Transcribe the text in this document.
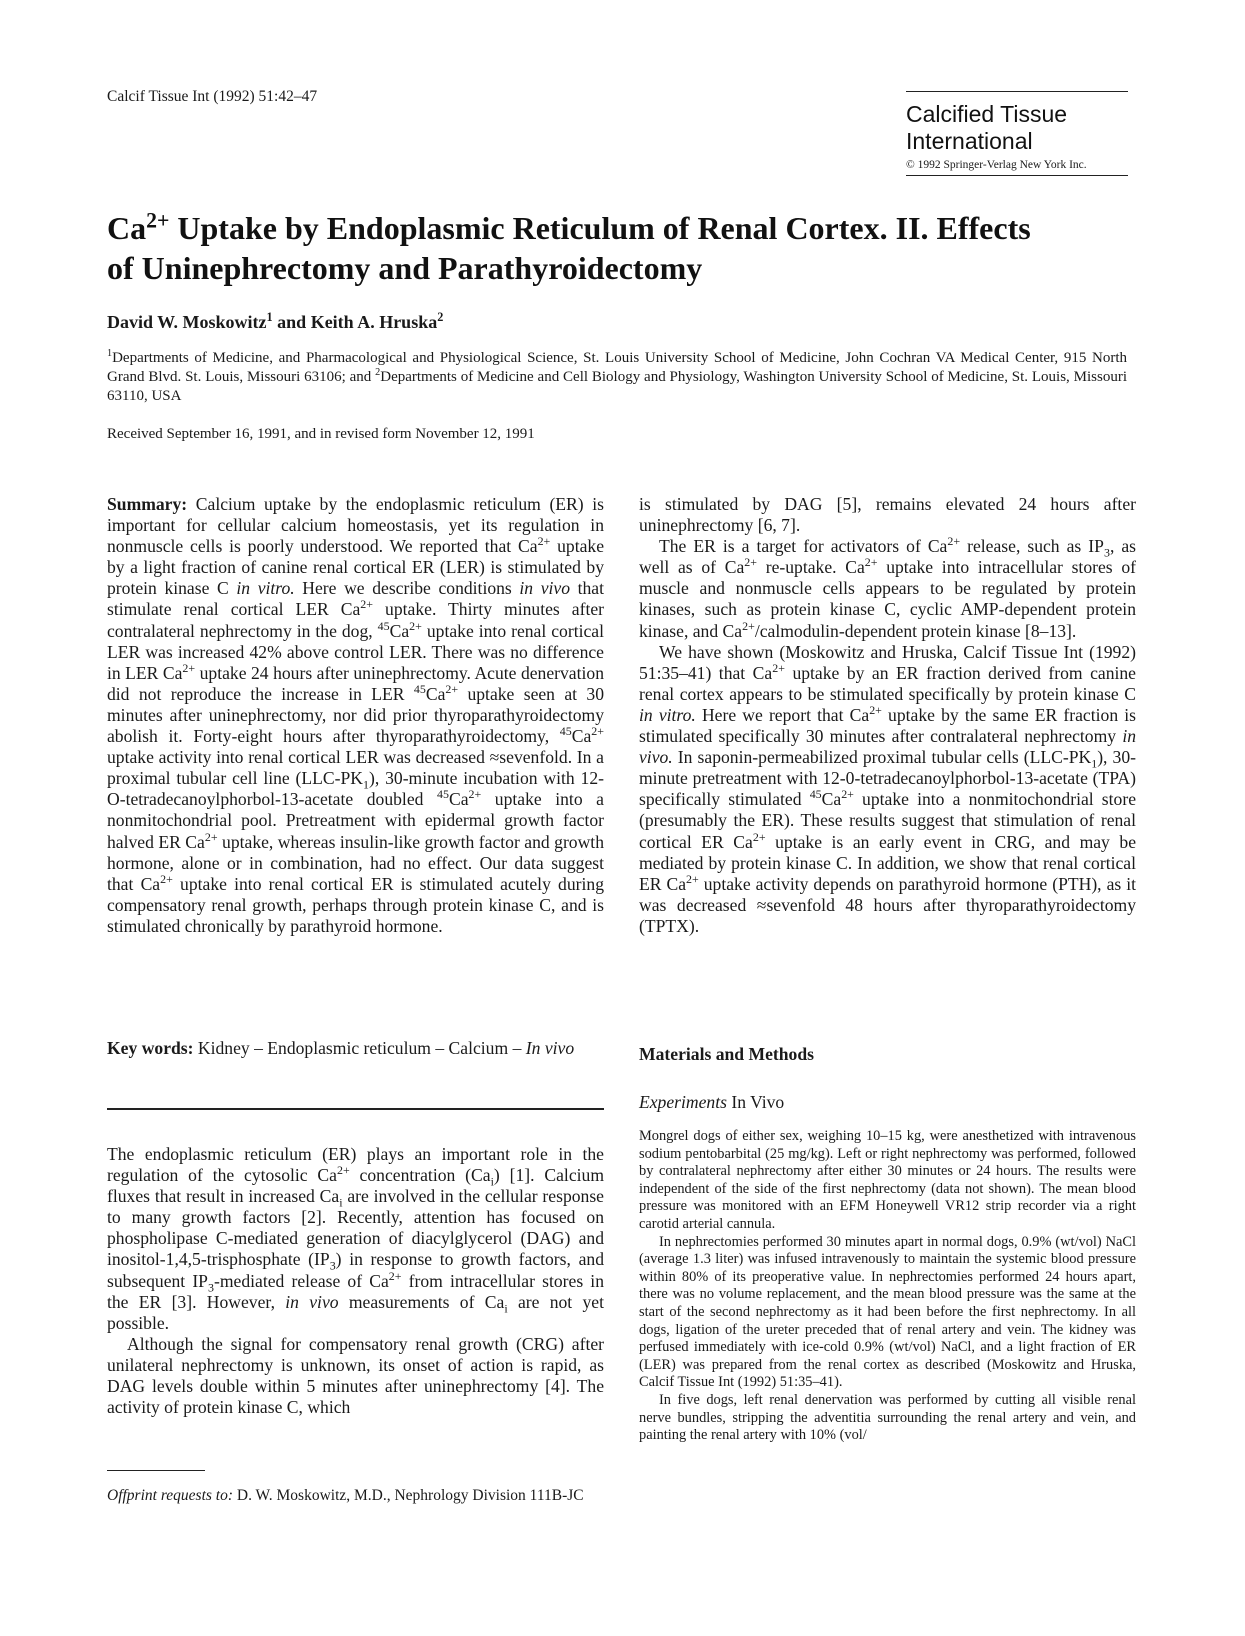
Calcif Tissue Int (1992) 51:42–47
Calcified Tissue
International
© 1992 Springer-Verlag New York Inc.
$Ca^{2+}$ Uptake by Endoplasmic Reticulum of Renal Cortex. II. Effects
of Uninephrectomy and Parathyroidectomy
David W. Moskowitz$^1$ and Keith A. Hruska$^2$
$^1$Departments of Medicine, and Pharmacological and Physiological Science, St. Louis University School of Medicine, John Cochran VA Medical Center, 915 North Grand Blvd. St. Louis, Missouri 63106; and $^2$Departments of Medicine and Cell Biology and Physiology, Washington University School of Medicine, St. Louis, Missouri 63110, USA
Received September 16, 1991, and in revised form November 12, 1991

Summary: Calcium uptake by the endoplasmic reticulum (ER) is important for cellular calcium homeostasis, yet its regulation in nonmuscle cells is poorly understood. We reported that $Ca^{2+}$ uptake by a light fraction of canine renal cortical ER (LER) is stimulated by protein kinase C in vitro. Here we describe conditions in vivo that stimulate renal cortical LER $Ca^{2+}$ uptake. Thirty minutes after contralateral nephrectomy in the dog, $^{45}Ca^{2+}$ uptake into renal cortical LER was increased 42% above control LER. There was no difference in LER $Ca^{2+}$ uptake 24 hours after uninephrectomy. Acute denervation did not reproduce the increase in LER $^{45}Ca^{2+}$ uptake seen at 30 minutes after uninephrectomy, nor did prior thyroparathyroidectomy abolish it. Forty-eight hours after thyroparathyroidectomy, $^{45}Ca^{2+}$ uptake activity into renal cortical LER was decreased ≈sevenfold. In a proximal tubular cell line $(LLC-PK_1)$, 30-minute incubation with 12-O-tetradecanoylphorbol-13-acetate doubled $^{45}Ca^{2+}$ uptake into a nonmitochondrial pool. Pretreatment with epidermal growth factor halved ER $Ca^{2+}$ uptake, whereas insulin-like growth factor and growth hormone, alone or in combination, had no effect. Our data suggest that $Ca^{2+}$ uptake into renal cortical ER is stimulated acutely during compensatory renal growth, perhaps through protein kinase C, and is stimulated chronically by parathyroid hormone.

Key words: Kidney – Endoplasmic reticulum – Calcium – In vivo

The endoplasmic reticulum (ER) plays an important role in the regulation of the cytosolic $Ca^{2+}$ concentration $(Ca_i)$ [1]. Calcium fluxes that result in increased $Ca_i$ are involved in the cellular response to many growth factors [2]. Recently, attention has focused on phospholipase C-mediated generation of diacylglycerol (DAG) and inositol-1,4,5-trisphosphate $(IP_3)$ in response to growth factors, and subsequent $IP_3$-mediated release of $Ca^{2+}$ from intracellular stores in the ER [3]. However, in vivo measurements of $Ca_i$ are not yet possible.

Although the signal for compensatory renal growth (CRG) after unilateral nephrectomy is unknown, its onset of action is rapid, as DAG levels double within 5 minutes after uninephrectomy [4]. The activity of protein kinase C, which

Offprint requests to: D. W. Moskowitz, M.D., Nephrology Division 111B-JC

is stimulated by DAG [5], remains elevated 24 hours after uninephrectomy [6, 7].

The ER is a target for activators of $Ca^{2+}$ release, such as $IP_3$, as well as of $Ca^{2+}$ re-uptake. $Ca^{2+}$ uptake into intracellular stores of muscle and nonmuscle cells appears to be regulated by protein kinases, such as protein kinase C, cyclic AMP-dependent protein kinase, and $Ca^{2+}/calmodulin$-dependent protein kinase [8–13].

We have shown (Moskowitz and Hruska, Calcif Tissue Int (1992) 51:35–41) that $Ca^{2+}$ uptake by an ER fraction derived from canine renal cortex appears to be stimulated specifically by protein kinase C in vitro. Here we report that $Ca^{2+}$ uptake by the same ER fraction is stimulated specifically 30 minutes after contralateral nephrectomy in vivo. In saponin-permeabilized proximal tubular cells $(LLC-PK_1)$, 30-minute pretreatment with 12-0-tetradecanoylphorbol-13-acetate (TPA) specifically stimulated $^{45}Ca^{2+}$ uptake into a nonmitochondrial store (presumably the ER). These results suggest that stimulation of renal cortical ER $Ca^{2+}$ uptake is an early event in CRG, and may be mediated by protein kinase C. In addition, we show that renal cortical ER $Ca^{2+}$ uptake activity depends on parathyroid hormone (PTH), as it was decreased ≈sevenfold 48 hours after thyroparathyroidectomy (TPTX).

Materials and Methods
Experiments In Vivo

Mongrel dogs of either sex, weighing 10–15 kg, were anesthetized with intravenous sodium pentobarbital (25 mg/kg). Left or right nephrectomy was performed, followed by contralateral nephrectomy after either 30 minutes or 24 hours. The results were independent of the side of the first nephrectomy (data not shown). The mean blood pressure was monitored with an EFM Honeywell VR12 strip recorder via a right carotid arterial cannula.

In nephrectomies performed 30 minutes apart in normal dogs, 0.9% (wt/vol) NaCl (average 1.3 liter) was infused intravenously to maintain the systemic blood pressure within 80% of its preoperative value. In nephrectomies performed 24 hours apart, there was no volume replacement, and the mean blood pressure was the same at the start of the second nephrectomy as it had been before the first nephrectomy. In all dogs, ligation of the ureter preceded that of renal artery and vein. The kidney was perfused immediately with ice-cold 0.9% (wt/vol) NaCl, and a light fraction of ER (LER) was prepared from the renal cortex as described (Moskowitz and Hruska, Calcif Tissue Int (1992) 51:35–41).

In five dogs, left renal denervation was performed by cutting all visible renal nerve bundles, stripping the adventitia surrounding the renal artery and vein, and painting the renal artery with 10% (vol/
